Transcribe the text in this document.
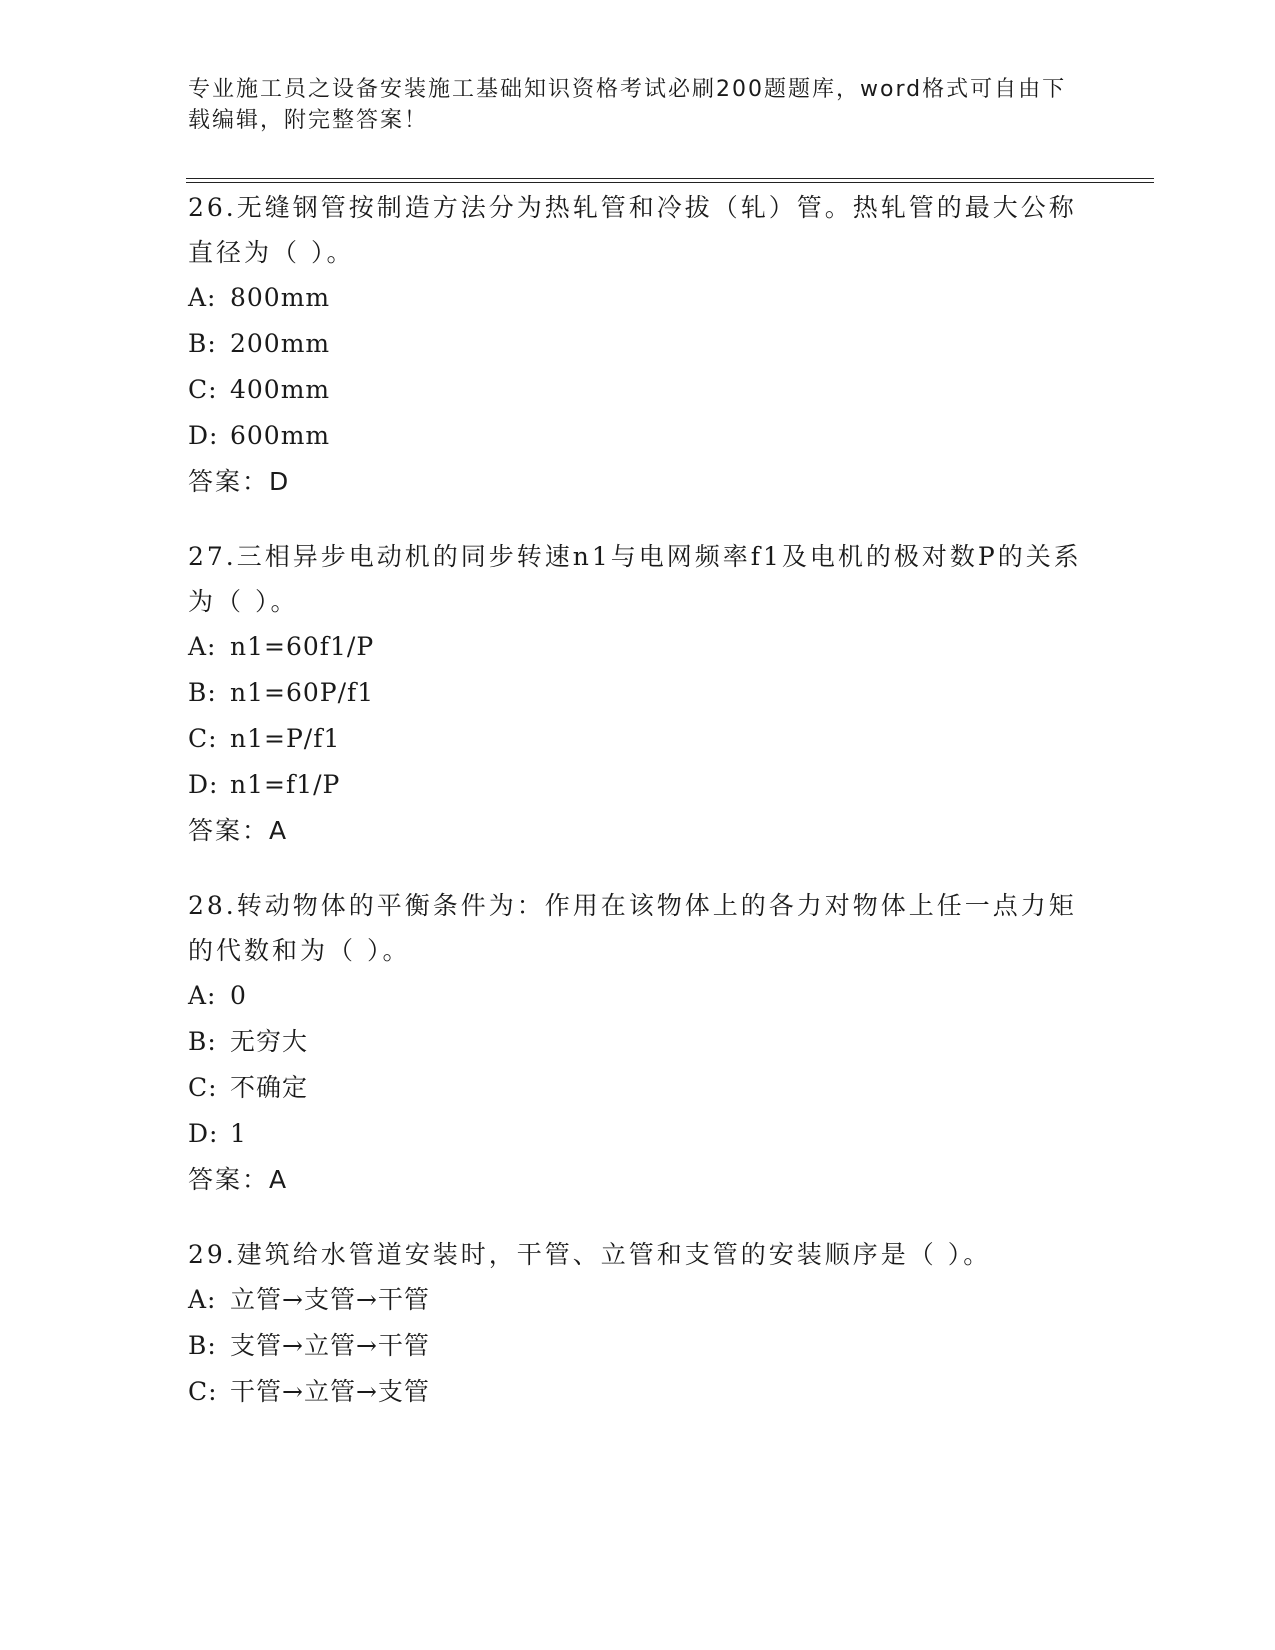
专业施工员之设备安装施工基础知识资格考试必刷200题题库，word格式可自由下载编辑，附完整答案！

26.无缝钢管按制造方法分为热轧管和冷拔（轧）管。热轧管的最大公称直径为（ ）。

A: 800mm
B: 200mm
C: 400mm
D: 600mm
答案：D

27.三相异步电动机的同步转速n1与电网频率f1及电机的极对数P的关系为（ ）。

A: n1=60f1/P
B: n1=60P/f1
C: n1=P/f1
D: n1=f1/P
答案：A

28.转动物体的平衡条件为：作用在该物体上的各力对物体上任一点力矩的代数和为（ ）。

A: 0
B: 无穷大
C: 不确定
D: 1
答案：A

29.建筑给水管道安装时，干管、立管和支管的安装顺序是（ ）。

A: 立管→支管→干管
B: 支管→立管→干管
C: 干管→立管→支管
